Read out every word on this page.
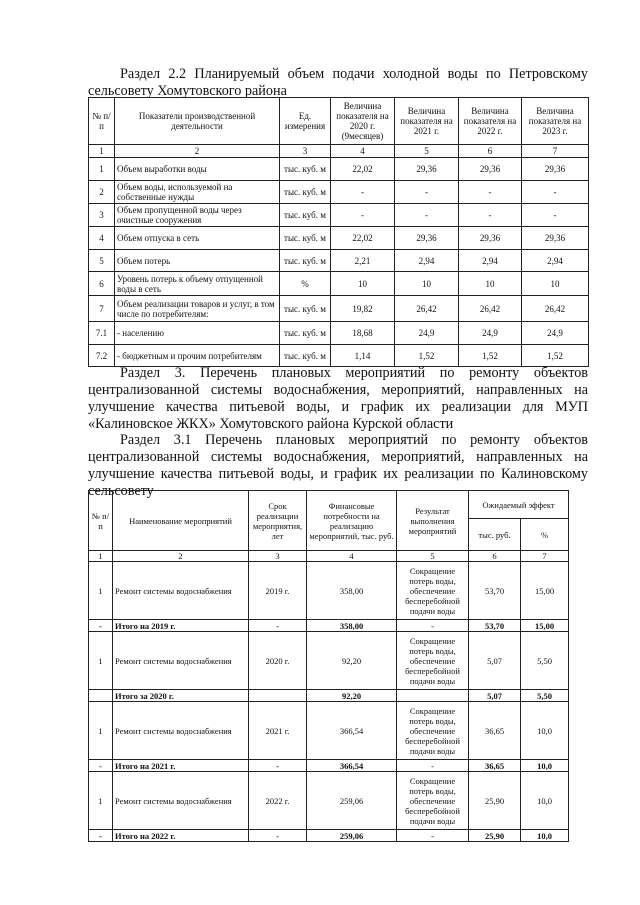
Раздел 2.2 Планируемый объем подачи холодной воды по Петровскому сельсовету Хомутовского района
№ п/п	Показатели производственной деятельности	Ед. измерения	Величина показателя на 2020 г. (9месяцев)	Величина показателя на 2021 г.	Величина показателя на 2022 г.	Величина показателя на 2023 г.
1	2	3	4	5	6	7
1	Объем выработки воды	тыс. куб. м	22,02	29,36	29,36	29,36
2	Объем воды, используемой на собственные нужды	тыс. куб. м	-	-	-	-
3	Объем пропущенной воды через очистные сооружения	тыс. куб. м	-	-	-	-
4	Объем отпуска в сеть	тыс. куб. м	22,02	29,36	29,36	29,36
5	Объем потерь	тыс. куб. м	2,21	2,94	2,94	2,94
6	Уровень потерь к объему отпущенной воды в сеть	%	10	10	10	10
7	Объем реализации товаров и услуг, в том числе по потребителям:	тыс. куб. м	19,82	26,42	26,42	26,42
7.1	- населению	тыс. куб. м	18,68	24,9	24,9	24,9
7.2	- бюджетным и прочим потребителям	тыс. куб. м	1,14	1,52	1,52	1,52
Раздел 3. Перечень плановых мероприятий по ремонту объектов централизованной системы водоснабжения, мероприятий, направленных на улучшение качества питьевой воды, и график их реализации для МУП «Калиновское ЖКХ» Хомутовского района Курской области
Раздел 3.1 Перечень плановых мероприятий по ремонту объектов централизованной системы водоснабжения, мероприятий, направленных на улучшение качества питьевой воды, и график их реализации по Калиновскому сельсовету
№ п/п	Наименование мероприятий	Срок реализации мероприятия, лет	Финансовые потребности на реализацию мероприятий, тыс. руб.	Результат выполнения мероприятий	Ожидаемый эффект	
					тыс. руб.	%
1	2	3	4	5	6	7
1	Ремонт системы водоснабжения	2019 г.	358,00	Сокращение потерь воды, обеспечение бесперебойной подачи воды	53,70	15,00
-	Итого на 2019 г.	-	358,00	-	53,70	15,00
1	Ремонт системы водоснабжения	2020 г.	92,20	Сокращение потерь воды, обеспечение бесперебойной подачи воды	5,07	5,50
	Итого за 2020 г.		92,20		5,07	5,50
1	Ремонт системы водоснабжения	2021 г.	366,54	Сокращение потерь воды, обеспечение бесперебойной подачи воды	36,65	10,0
-	Итого на 2021 г.	-	366,54	-	36,65	10,0
1	Ремонт системы водоснабжения	2022 г.	259,06	Сокращение потерь воды, обеспечение бесперебойной подачи воды	25,90	10,0
-	Итого на 2022 г.	-	259,06	-	25,90	10,0
